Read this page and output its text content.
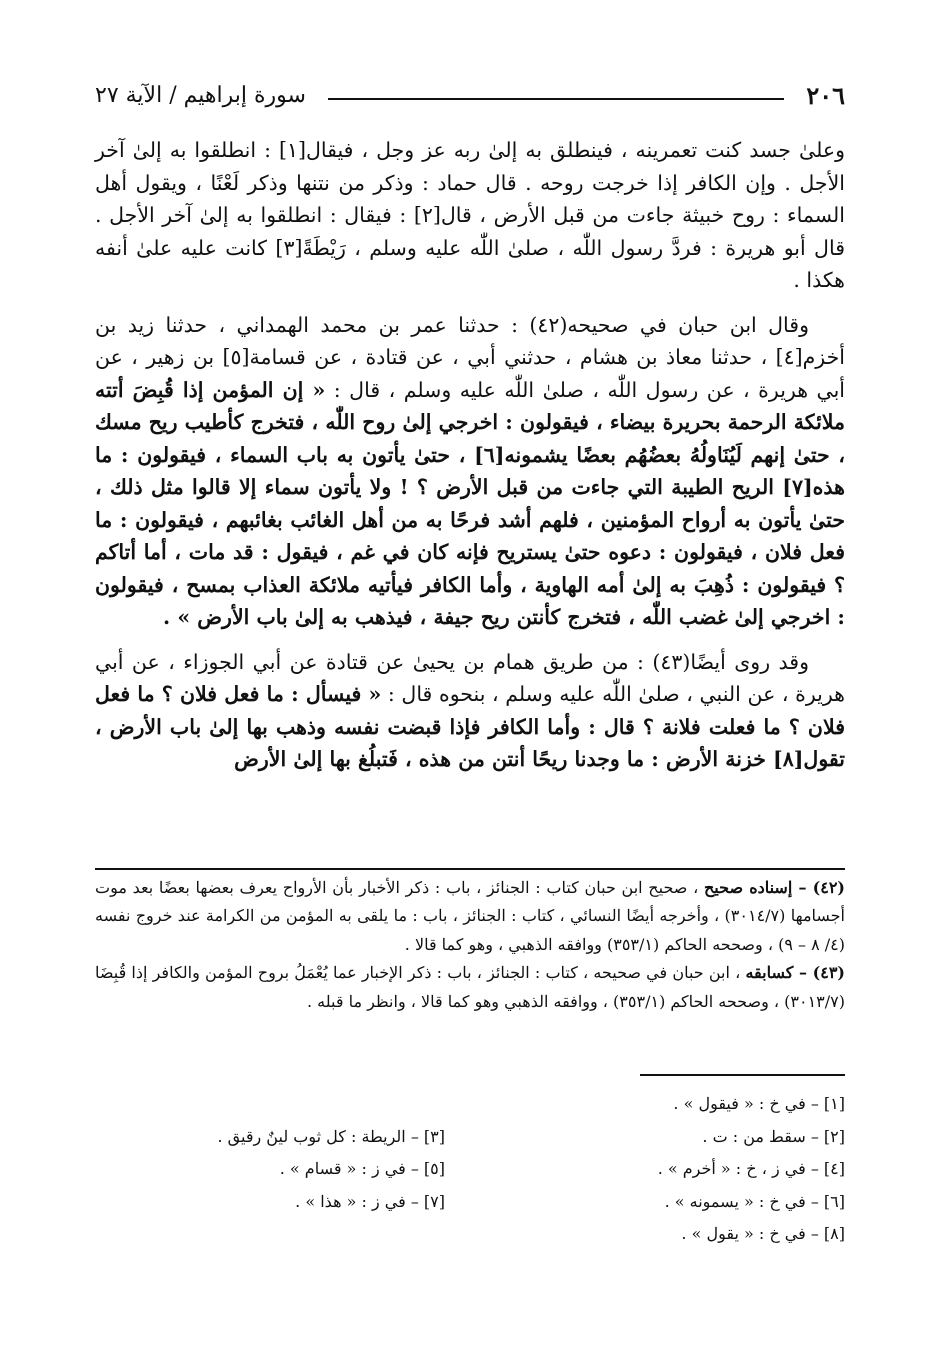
٢٠٦
سورة إبراهيم / الآية ٢٧

وعلىٰ جسد كنت تعمرينه ، فينطلق به إلىٰ ربه عز وجل ، فيقال[١] : انطلقوا به إلىٰ آخر الأجل . وإن الكافر إذا خرجت روحه . قال حماد : وذكر من نتنها وذكر لَعْنًا ، ويقول أهل السماء : روح خبيثة جاءت من قبل الأرض ، قال[٢] : فيقال : انطلقوا به إلىٰ آخر الأجل . قال أبو هريرة : فردَّ رسول اللّٰه ، صلىٰ اللّٰه عليه وسلم ، رَيْطَةً[٣] كانت عليه علىٰ أنفه هكذا .

وقال ابن حبان في صحيحه(٤٢) : حدثنا عمر بن محمد الهمداني ، حدثنا زيد بن أخزم[٤] ، حدثنا معاذ بن هشام ، حدثني أبي ، عن قتادة ، عن قسامة[٥] بن زهير ، عن أبي هريرة ، عن رسول اللّٰه ، صلىٰ اللّٰه عليه وسلم ، قال : « إن المؤمن إذا قُبِضَ أتته ملائكة الرحمة بحريرة بيضاء ، فيقولون : اخرجي إلىٰ روح اللّٰه ، فتخرج كأطيب ريح مسك ، حتىٰ إنهم لَيُنَاولُهُ بعضُهُم بعضًا يشمونه[٦] ، حتىٰ يأتون به باب السماء ، فيقولون : ما هذه[٧] الريح الطيبة التي جاءت من قبل الأرض ؟ ! ولا يأتون سماء إلا قالوا مثل ذلك ، حتىٰ يأتون به أرواح المؤمنين ، فلهم أشد فرحًا به من أهل الغائب بغائبهم ، فيقولون : ما فعل فلان ، فيقولون : دعوه حتىٰ يستريح فإنه كان في غم ، فيقول : قد مات ، أما أتاكم ؟ فيقولون : ذُهِبَ به إلىٰ أمه الهاوية ، وأما الكافر فيأتيه ملائكة العذاب بمسح ، فيقولون : اخرجي إلىٰ غضب اللّٰه ، فتخرج كأنتن ريح جيفة ، فيذهب به إلىٰ باب الأرض » .

وقد روى أيضًا(٤٣) : من طريق همام بن يحيىٰ عن قتادة عن أبي الجوزاء ، عن أبي هريرة ، عن النبي ، صلىٰ اللّٰه عليه وسلم ، بنحوه قال : « فيسأل : ما فعل فلان ؟ ما فعل فلان ؟ ما فعلت فلانة ؟ قال : وأما الكافر فإذا قبضت نفسه وذهب بها إلىٰ باب الأرض ، تقول[٨] خزنة الأرض : ما وجدنا ريحًا أنتن من هذه ، فَتبلُغ بها إلىٰ الأرض

(٤٢) – إسناده صحيح ، صحيح ابن حبان كتاب : الجنائز ، باب : ذكر الأخبار بأن الأرواح يعرف بعضها بعضًا بعد موت أجسامها (٣٠١٤/٧) ، وأخرجه أيضًا النسائي ، كتاب : الجنائز ، باب : ما يلقى به المؤمن من الكرامة عند خروج نفسه (٤/ ٨ – ٩) ، وصححه الحاكم (٣٥٣/١) ووافقه الذهبي ، وهو كما قالا .

(٤٣) – كسابقه ، ابن حبان في صحيحه ، كتاب : الجنائز ، باب : ذكر الإخبار عما يُعْمَلُ بروح المؤمن والكافر إذا قُبِضَا (٣٠١٣/٧) ، وصححه الحاكم (٣٥٣/١) ، ووافقه الذهبي وهو كما قالا ، وانظر ما قبله .

[١] – في خ : « فيقول » .
[٢] – سقط من : ت .
[٤] – في ز ، خ : « أخرم » .
[٦] – في خ : « يسمونه » .
[٨] – في خ : « يقول » .
[٣] – الريطة : كل ثوب لينٌ رقيق .
[٥] – في ز : « قسام » .
[٧] – في ز : « هذا » .
